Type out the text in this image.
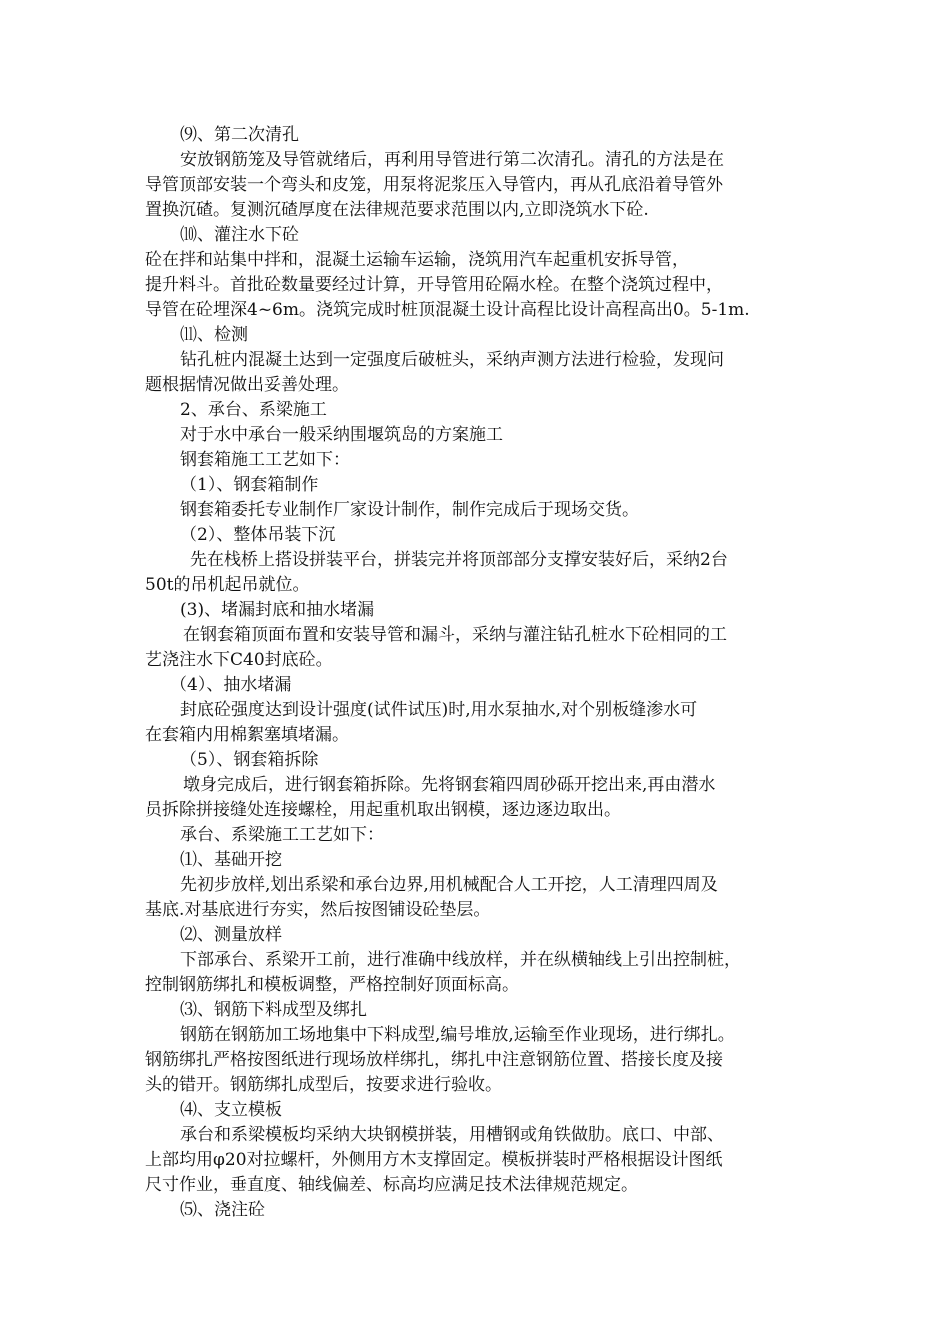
⑼、第二次清孔
安放钢筋笼及导管就绪后，再利用导管进行第二次清孔。清孔的方法是在
导管顶部安装一个弯头和皮笼，用泵将泥浆压入导管内，再从孔底沿着导管外
置换沉碴。复测沉碴厚度在法律规范要求范围以内,立即浇筑水下砼.
⑽、灌注水下砼
砼在拌和站集中拌和，混凝土运输车运输，浇筑用汽车起重机安拆导管，
提升料斗。首批砼数量要经过计算，开导管用砼隔水栓。在整个浇筑过程中，
导管在砼埋深4~6m。浇筑完成时桩顶混凝土设计高程比设计高程高出0。5-1m.
⑾、检测
钻孔桩内混凝土达到一定强度后破桩头，采纳声测方法进行检验，发现问
题根据情况做出妥善处理。
2、承台、系梁施工
对于水中承台一般采纳围堰筑岛的方案施工
钢套箱施工工艺如下：
（1）、钢套箱制作
钢套箱委托专业制作厂家设计制作，制作完成后于现场交货。
（2）、整体吊装下沉
先在栈桥上搭设拼装平台，拼装完并将顶部部分支撑安装好后，采纳2台
50t的吊机起吊就位。
(3)、堵漏封底和抽水堵漏
在钢套箱顶面布置和安装导管和漏斗，采纳与灌注钻孔桩水下砼相同的工
艺浇注水下C40封底砼。
（4）、抽水堵漏
封底砼强度达到设计强度(试件试压)时,用水泵抽水,对个别板缝渗水可
在套箱内用棉絮塞填堵漏。
（5）、钢套箱拆除
墩身完成后，进行钢套箱拆除。先将钢套箱四周砂砾开挖出来,再由潜水
员拆除拼接缝处连接螺栓，用起重机取出钢模，逐边逐边取出。
承台、系梁施工工艺如下：
⑴、基础开挖
先初步放样,划出系梁和承台边界,用机械配合人工开挖，人工清理四周及
基底.对基底进行夯实，然后按图铺设砼垫层。
⑵、测量放样
下部承台、系梁开工前，进行准确中线放样，并在纵横轴线上引出控制桩，
控制钢筋绑扎和模板调整，严格控制好顶面标高。
⑶、钢筋下料成型及绑扎
钢筋在钢筋加工场地集中下料成型,编号堆放,运输至作业现场，进行绑扎。
钢筋绑扎严格按图纸进行现场放样绑扎，绑扎中注意钢筋位置、搭接长度及接
头的错开。钢筋绑扎成型后，按要求进行验收。
⑷、支立模板
承台和系梁模板均采纳大块钢模拼装，用槽钢或角铁做肋。底口、中部、
上部均用φ20对拉螺杆，外侧用方木支撑固定。模板拼装时严格根据设计图纸
尺寸作业，垂直度、轴线偏差、标高均应满足技术法律规范规定。
⑸、浇注砼
